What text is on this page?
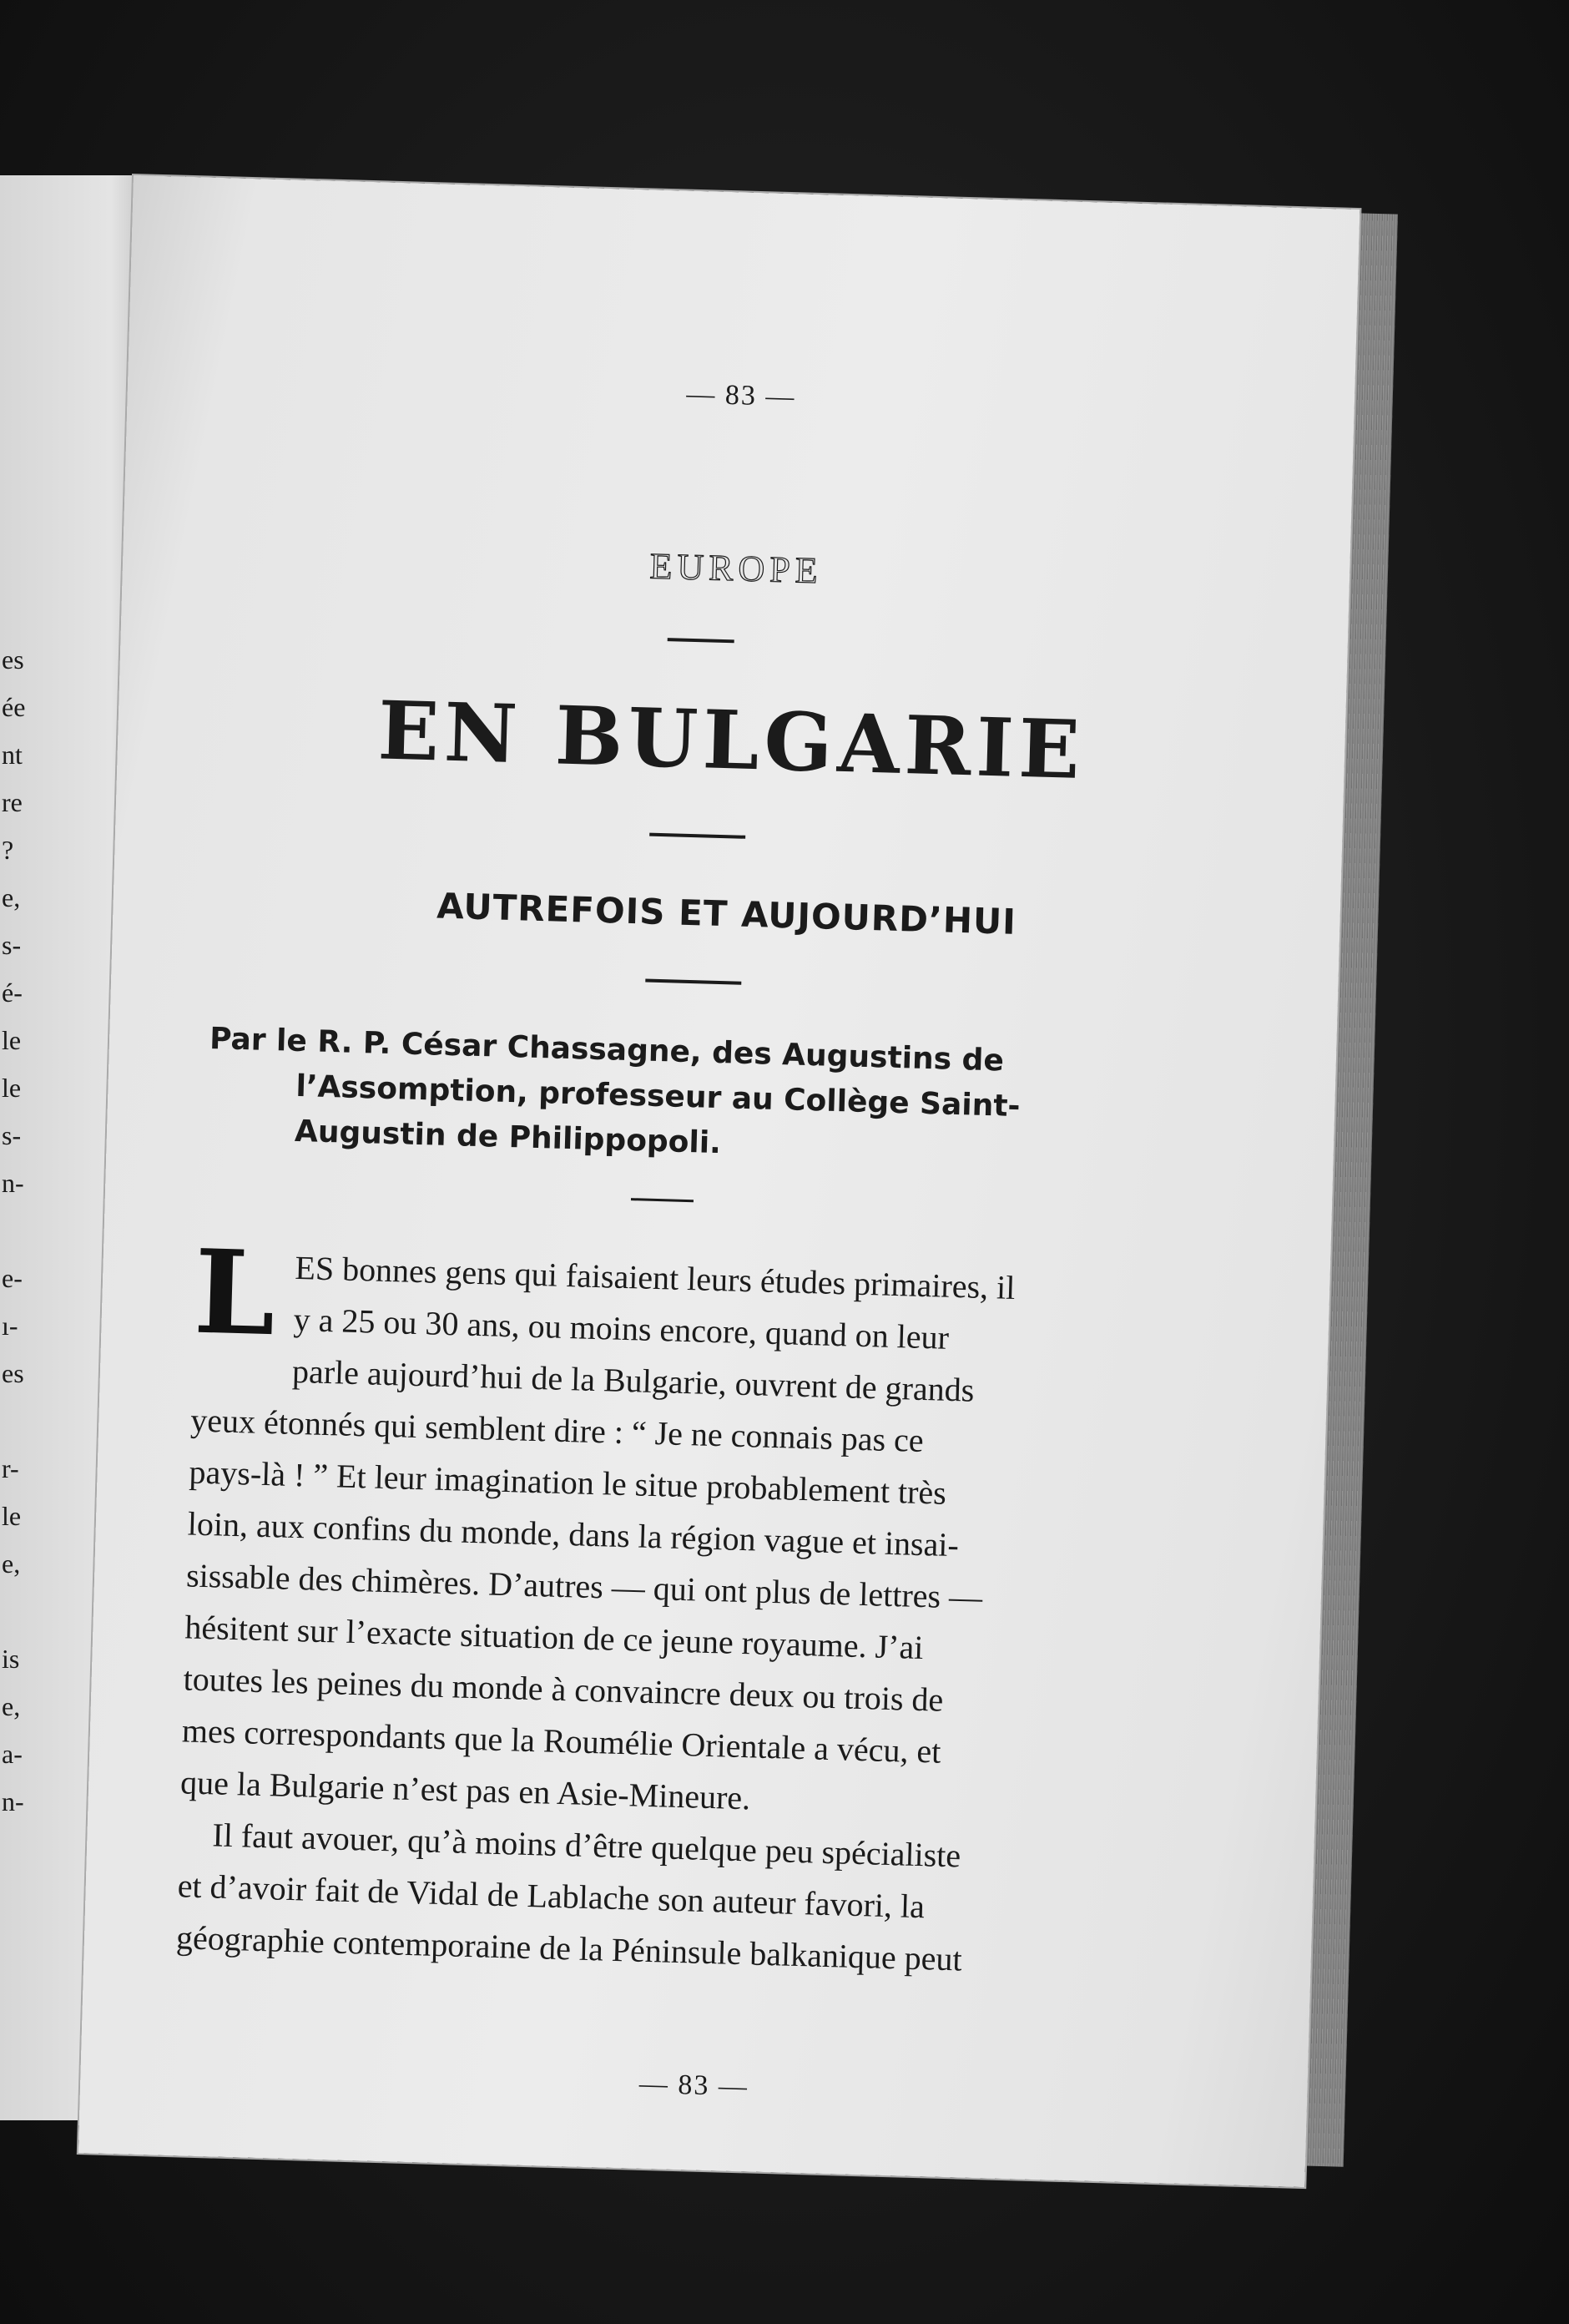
es
ée
nt
re
?
e,
s-
é-
le
le
s-
n-
e-
ı-
es
r-
le
e,
is
e,
a-
n-
— 83 —
EUROPE
EN BULGARIE
AUTREFOIS ET AUJOURD’HUI
Par le R. P. César Chassagne, des Augustins de
l’Assomption, professeur au Collège Saint-
Augustin de Philippopoli.
L ES bonnes gens qui faisaient leurs études primaires, il
y a 25 ou 30 ans, ou moins encore, quand on leur
parle aujourd’hui de la Bulgarie, ouvrent de grands
yeux étonnés qui semblent dire : “ Je ne connais pas ce
pays-là ! ” Et leur imagination le situe probablement très
loin, aux confins du monde, dans la région vague et insai-
sissable des chimères. D’autres — qui ont plus de lettres —
hésitent sur l’exacte situation de ce jeune royaume. J’ai
toutes les peines du monde à convaincre deux ou trois de
mes correspondants que la Roumélie Orientale a vécu, et
que la Bulgarie n’est pas en Asie-Mineure.
Il faut avouer, qu’à moins d’être quelque peu spécialiste
et d’avoir fait de Vidal de Lablache son auteur favori, la
géographie contemporaine de la Péninsule balkanique peut
— 83 —
